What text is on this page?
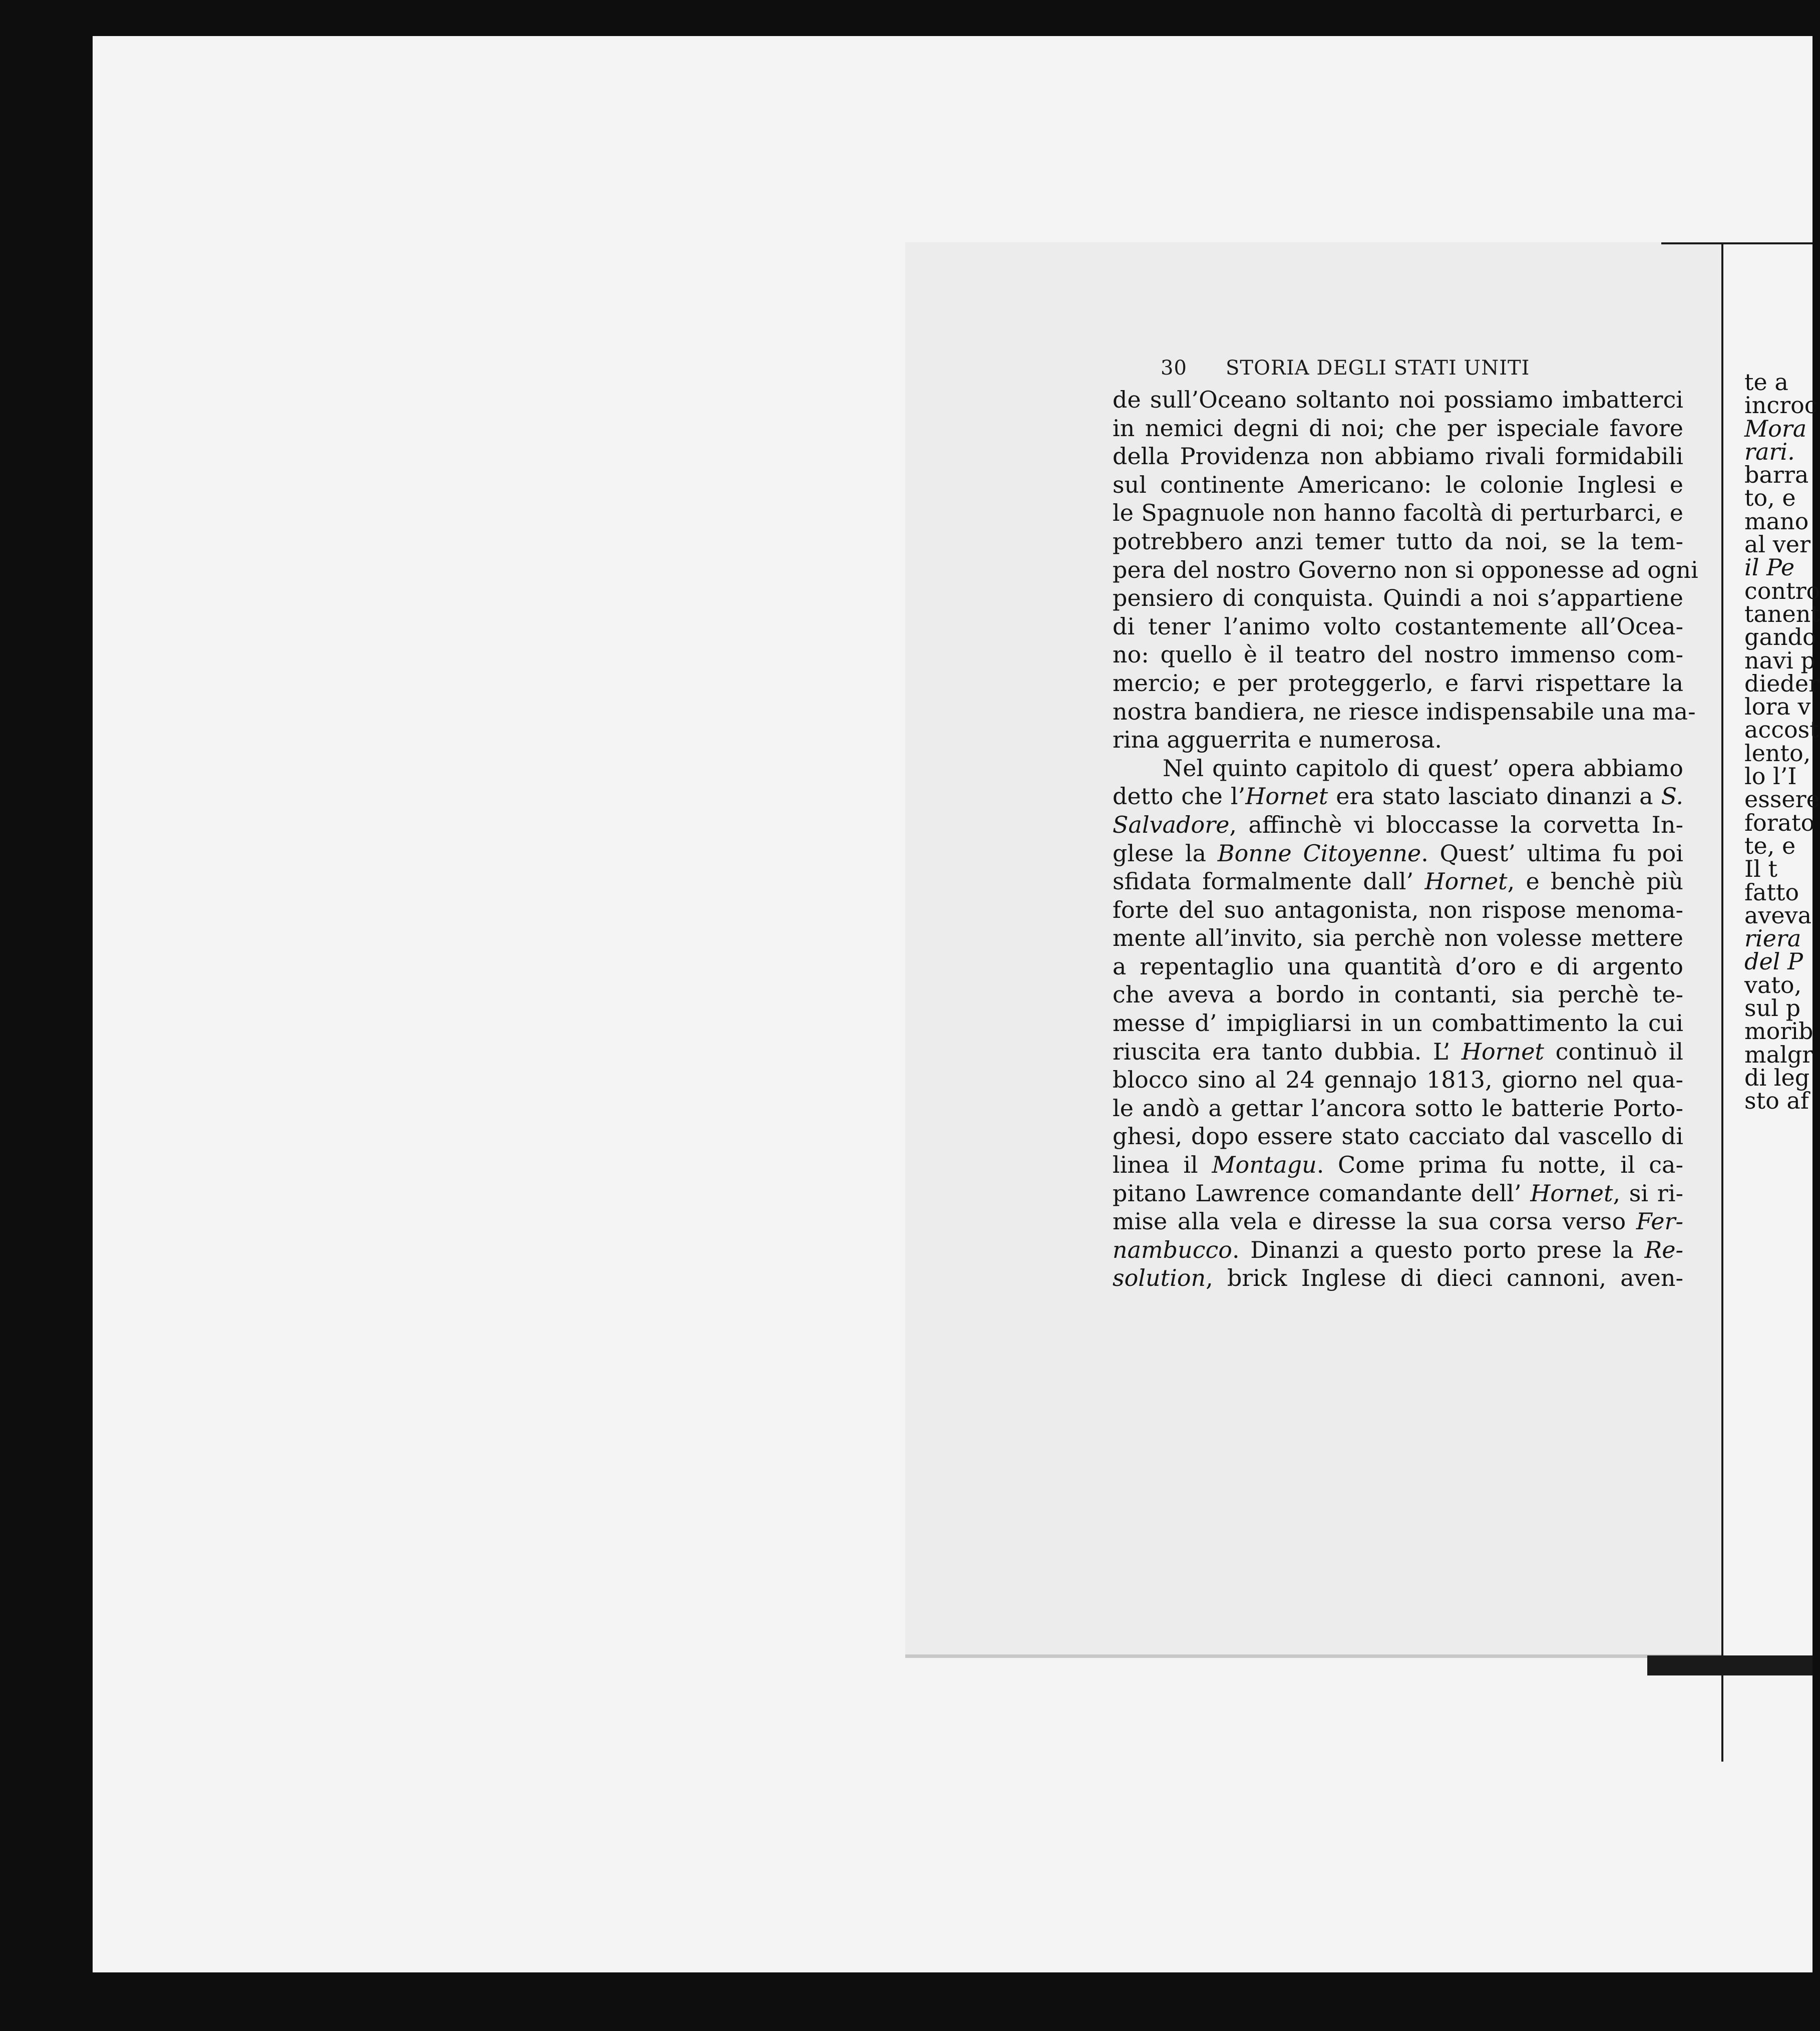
30 STORIA DEGLI STATI UNITI
de sull’Oceano soltanto noi possiamo imbatterci
in nemici degni di noi; che per ispeciale favore
della Providenza non abbiamo rivali formidabili
sul continente Americano: le colonie Inglesi e
le Spagnuole non hanno facoltà di perturbarci, e
potrebbero anzi temer tutto da noi, se la tem-
pera del nostro Governo non si opponesse ad ogni
pensiero di conquista. Quindi a noi s’appartiene
di tener l’animo volto costantemente all’Ocea-
no: quello è il teatro del nostro immenso com-
mercio; e per proteggerlo, e farvi rispettare la
nostra bandiera, ne riesce indispensabile una ma-
rina agguerrita e numerosa.
Nel quinto capitolo di quest’ opera abbiamo
detto che l’Hornet era stato lasciato dinanzi a S.
Salvadore, affinchè vi bloccasse la corvetta In-
glese la Bonne Citoyenne. Quest’ ultima fu poi
sfidata formalmente dall’ Hornet, e benchè più
forte del suo antagonista, non rispose menoma-
mente all’invito, sia perchè non volesse mettere
a repentaglio una quantità d’oro e di argento
che aveva a bordo in contanti, sia perchè te-
messe d’ impigliarsi in un combattimento la cui
riuscita era tanto dubbia. L’ Hornet continuò il
blocco sino al 24 gennajo 1813, giorno nel qua-
le andò a gettar l’ancora sotto le batterie Porto-
ghesi, dopo essere stato cacciato dal vascello di
linea il Montagu. Come prima fu notte, il ca-
pitano Lawrence comandante dell’ Hornet, si ri-
mise alla vela e diresse la sua corsa verso Fer-
nambucco. Dinanzi a questo porto prese la Re-
solution, brick Inglese di dieci cannoni, aven-
te a
incroc
Mora
rari.
barra
to, e
mano
al ver
il Pe
contro
tanent
gando
navi p
dieder
lora v
accost
lento,
lo l’I
essere
forato
te, e
Il t
fatto
aveva
riera
del P
vato,
sul p
morib
malgr
di leg
sto af
